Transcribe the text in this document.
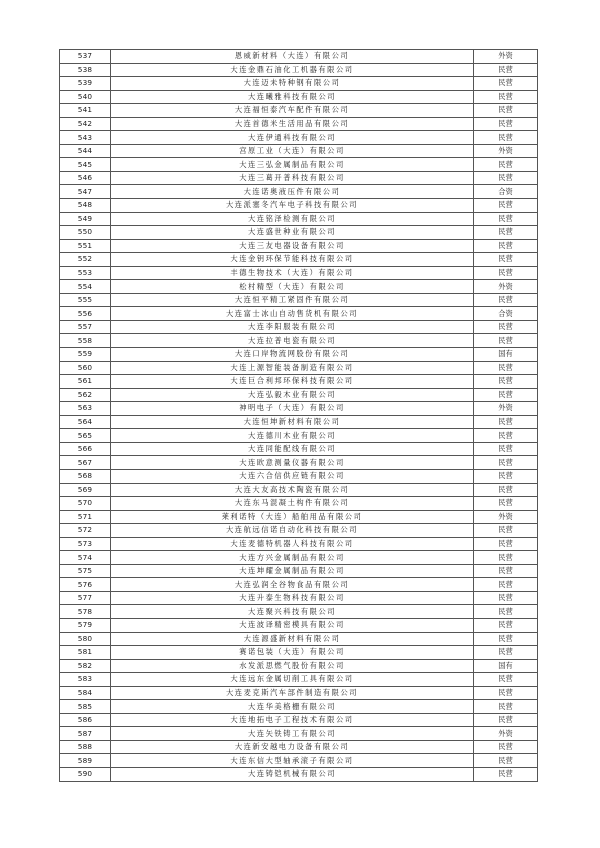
537	恩威新材料（大连）有限公司	外资
538	大连金鼎石油化工机器有限公司	民营
539	大连迈未特种钢有限公司	民营
540	大连曦雅科技有限公司	民营
541	大连福恒泰汽车配件有限公司	民营
542	大连首德米生活用品有限公司	民营
543	大连伊通科技有限公司	民营
544	宫原工业（大连）有限公司	外资
545	大连三弘金属制品有限公司	民营
546	大连三葛开普科技有限公司	民营
547	大连诺奥液压件有限公司	合资
548	大连派塞冬汽车电子科技有限公司	民营
549	大连铭泽检测有限公司	民营
550	大连盛世种业有限公司	民营
551	大连三友电器设备有限公司	民营
552	大连金钥环保节能科技有限公司	民营
553	丰德生物技术（大连）有限公司	民营
554	松村精型（大连）有限公司	外资
555	大连恒平精工紧固件有限公司	民营
556	大连富士冰山自动售货机有限公司	合资
557	大连李阳服装有限公司	民营
558	大连拉普电瓷有限公司	民营
559	大连口岸物流网股份有限公司	国有
560	大连上源智能装备制造有限公司	民营
561	大连巨合利邦环保科技有限公司	民营
562	大连弘毅木业有限公司	民营
563	神明电子（大连）有限公司	外资
564	大连恒坤新材料有限公司	民营
565	大连德川木业有限公司	民营
566	大连同能配线有限公司	民营
567	大连欧意测量仪器有限公司	民营
568	大连六合信供应链有限公司	民营
569	大连大友高技术陶瓷有限公司	民营
570	大连东马混凝土构件有限公司	民营
571	莱利诺特（大连）船舶用品有限公司	外资
572	大连航远信诺自动化科技有限公司	民营
573	大连麦德特机器人科技有限公司	民营
574	大连方兴金属制品有限公司	民营
575	大连坤耀金属制品有限公司	民营
576	大连弘润全谷物食品有限公司	民营
577	大连升泰生物科技有限公司	民营
578	大连聚兴科技有限公司	民营
579	大连波译精密模具有限公司	民营
580	大连源盛新材料有限公司	民营
581	赛诺包装（大连）有限公司	民营
582	水发派思燃气股份有限公司	国有
583	大连远东金属切削工具有限公司	民营
584	大连麦克斯汽车部件制造有限公司	民营
585	大连华美格栅有限公司	民营
586	大连地拓电子工程技术有限公司	民营
587	大连矢铁铸工有限公司	外资
588	大连新安越电力设备有限公司	民营
589	大连东信大型轴承滚子有限公司	民营
590	大连铸铠机械有限公司	民营
